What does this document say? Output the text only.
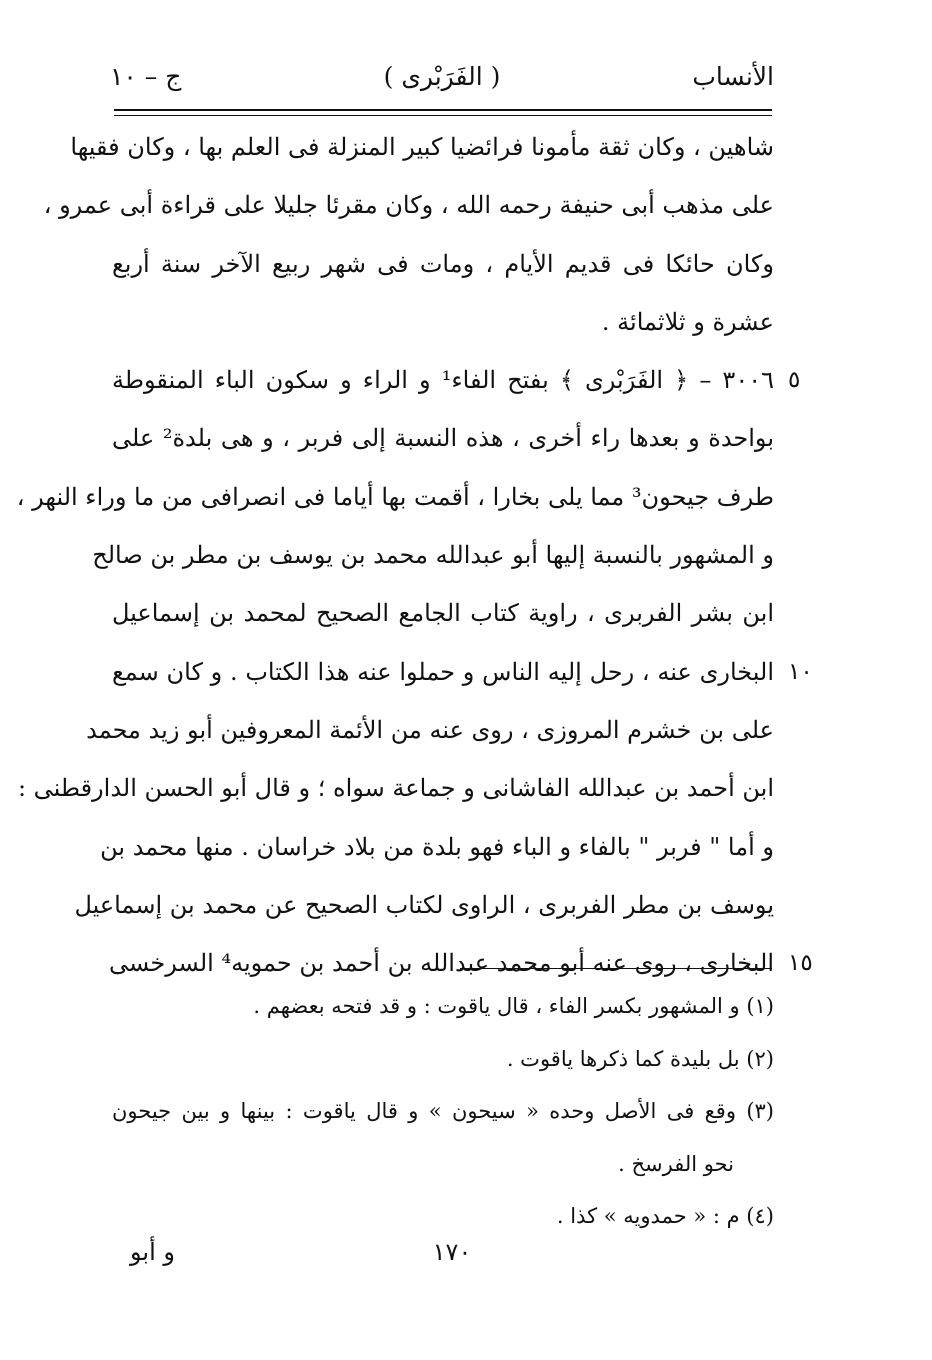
الأنساب
( الفَرَبْرى )
ج – ١٠
شاهين ، وكان ثقة مأمونا فرائضيا كبير المنزلة فى العلم بها ، وكان فقيها
على مذهب أبى حنيفة رحمه الله ، وكان مقرئا جليلا على قراءة أبى عمرو ،
وكان حائكا فى قديم الأيام ، ومات فى شهر ربيع الآخر سنة أربع
عشرة و ثلاثمائة .
٣٠٠٦ – ﴿ الفَرَبْرى ﴾ بفتح الفاء¹ و الراء و سكون الباء المنقوطة ٥
بواحدة و بعدها راء أخرى ، هذه النسبة إلى فربر ، و هى بلدة² على
طرف جيحون³ مما يلى بخارا ، أقمت بها أياما فى انصرافى من ما وراء النهر ،
و المشهور بالنسبة إليها أبو عبدالله محمد بن يوسف بن مطر بن صالح
ابن بشر الفربرى ، راوية كتاب الجامع الصحيح لمحمد بن إسماعيل
البخارى عنه ، رحل إليه الناس و حملوا عنه هذا الكتاب . و كان سمع ١٠
على بن خشرم المروزى ، روى عنه من الأئمة المعروفين أبو زيد محمد
ابن أحمد بن عبدالله الفاشانى و جماعة سواه ؛ و قال أبو الحسن الدارقطنى :
و أما " فربر " بالفاء و الباء فهو بلدة من بلاد خراسان . منها محمد بن
يوسف بن مطر الفربرى ، الراوى لكتاب الصحيح عن محمد بن إسماعيل
البخارى ، روى عنه أبو محمد عبدالله بن أحمد بن حمويه⁴ السرخسى ١٥
(١) و المشهور بكسر الفاء ، قال ياقوت : و قد فتحه بعضهم .
(٢) بل بليدة كما ذكرها ياقوت .
(٣) وقع فى الأصل وحده « سيحون » و قال ياقوت : بينها و بين جيحون
نحو الفرسخ .
(٤) م : « حمدويه » كذا .
١٧٠
و أبو
